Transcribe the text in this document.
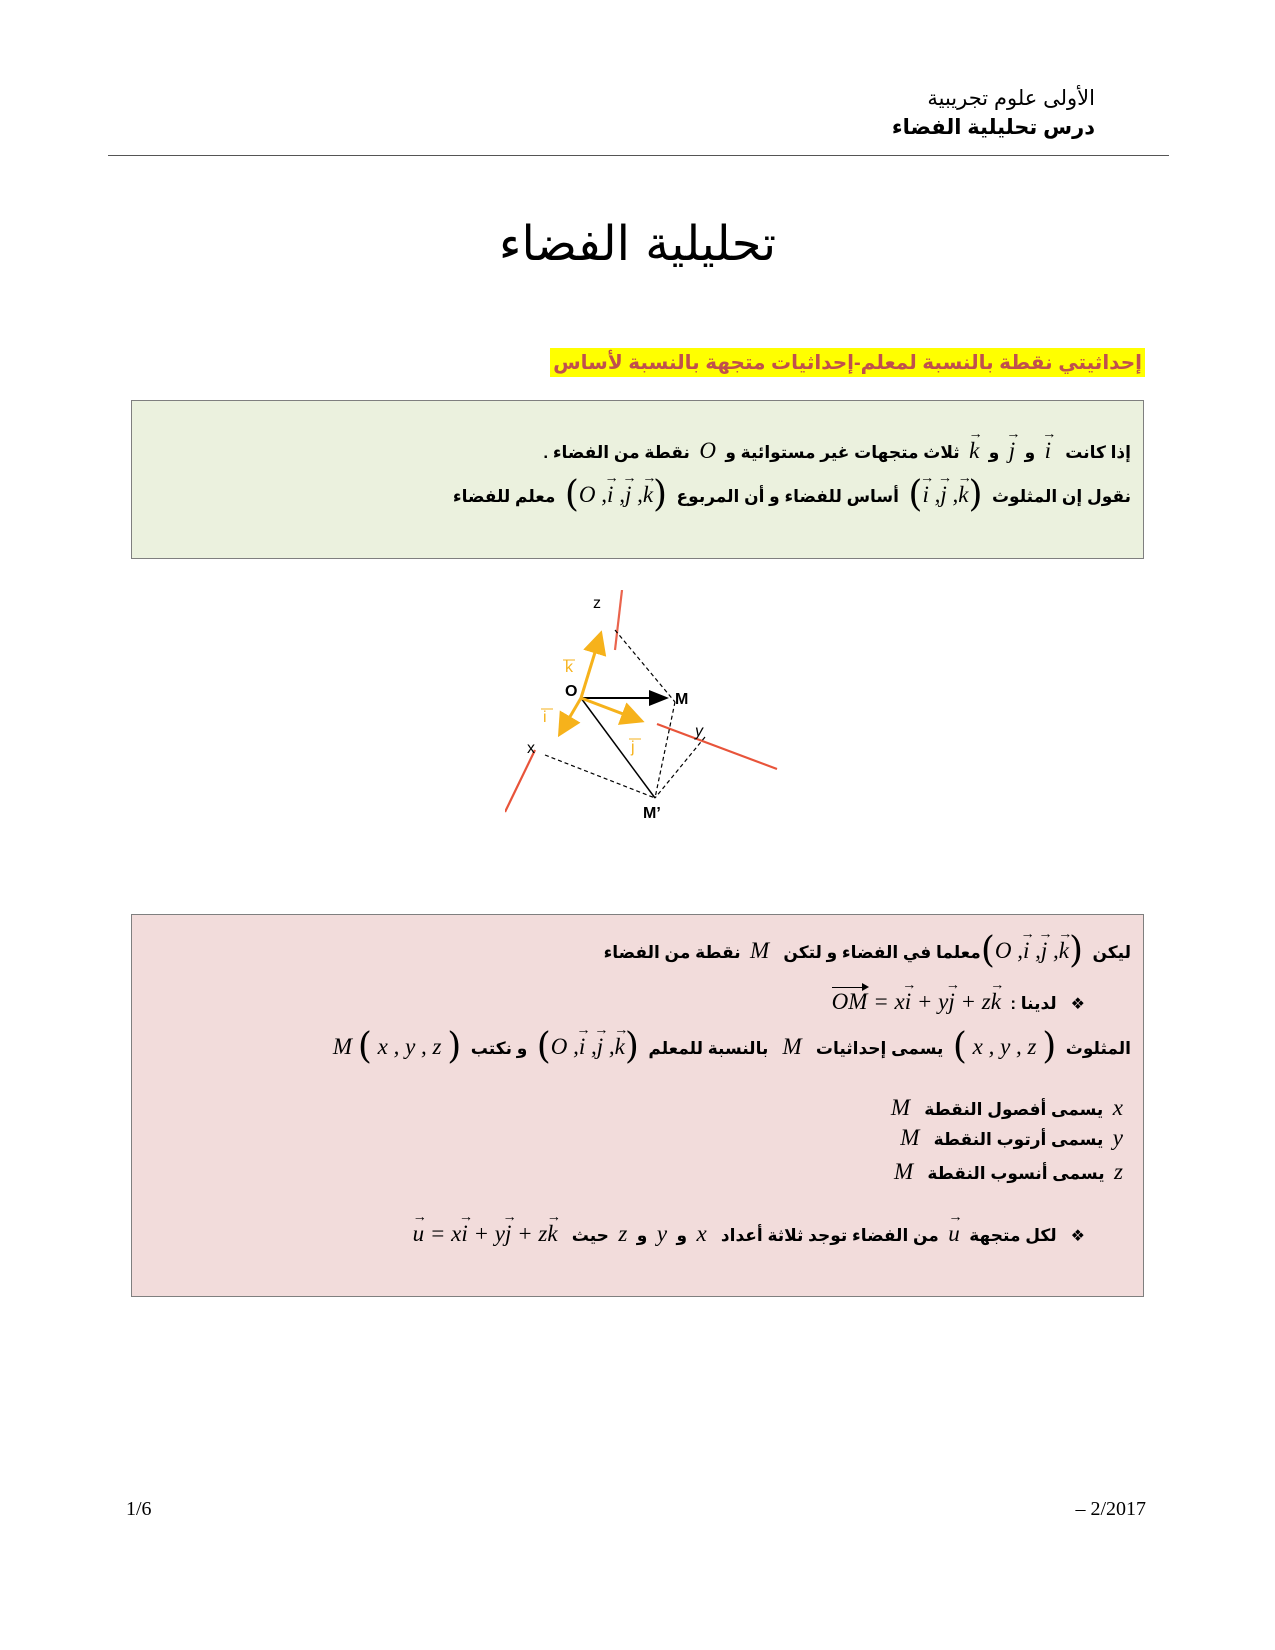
الأولى علوم تجريبية
درس تحليلية الفضاء
تحليلية الفضاء
إحداثيتي نقطة بالنسبة لمعلم-إحداثيات متجهة بالنسبة لأساس
إذا كانت   → i  و  → j  و  → k  ثلاث متجهات غير مستوائية و  O  نقطة من الفضاء .
نقول إن المثلوث  (→ i ,→ j ,→ k)  أساس للفضاء و أن المربوع  (O ,→ i ,→ j ,→ k)  معلم للفضاء
z
k
O	M
i
x	j
y
M’
ليكن  (O ,→ i ,→ j ,→ k)معلما في الفضاء و لتكن   M  نقطة من الفضاء
❖لدينا :  OM = x→ i + y→ j + z→ k
المثلوث  ( x , y , z )  يسمى إحداثيات   M   بالنسبة للمعلم  (O ,→ i ,→ j ,→ k)  و نكتب  M ( x , y , z )
x  يسمى أفصول النقطة   M
y  يسمى أرتوب النقطة   M
z  يسمى أنسوب النقطة   M
❖لكل متجهة  → u  من الفضاء توجد ثلاثة أعداد   x  و  y  و  z  حيث   → u = x→ i + y→ j + z→ k
1/6	– 2/2017
